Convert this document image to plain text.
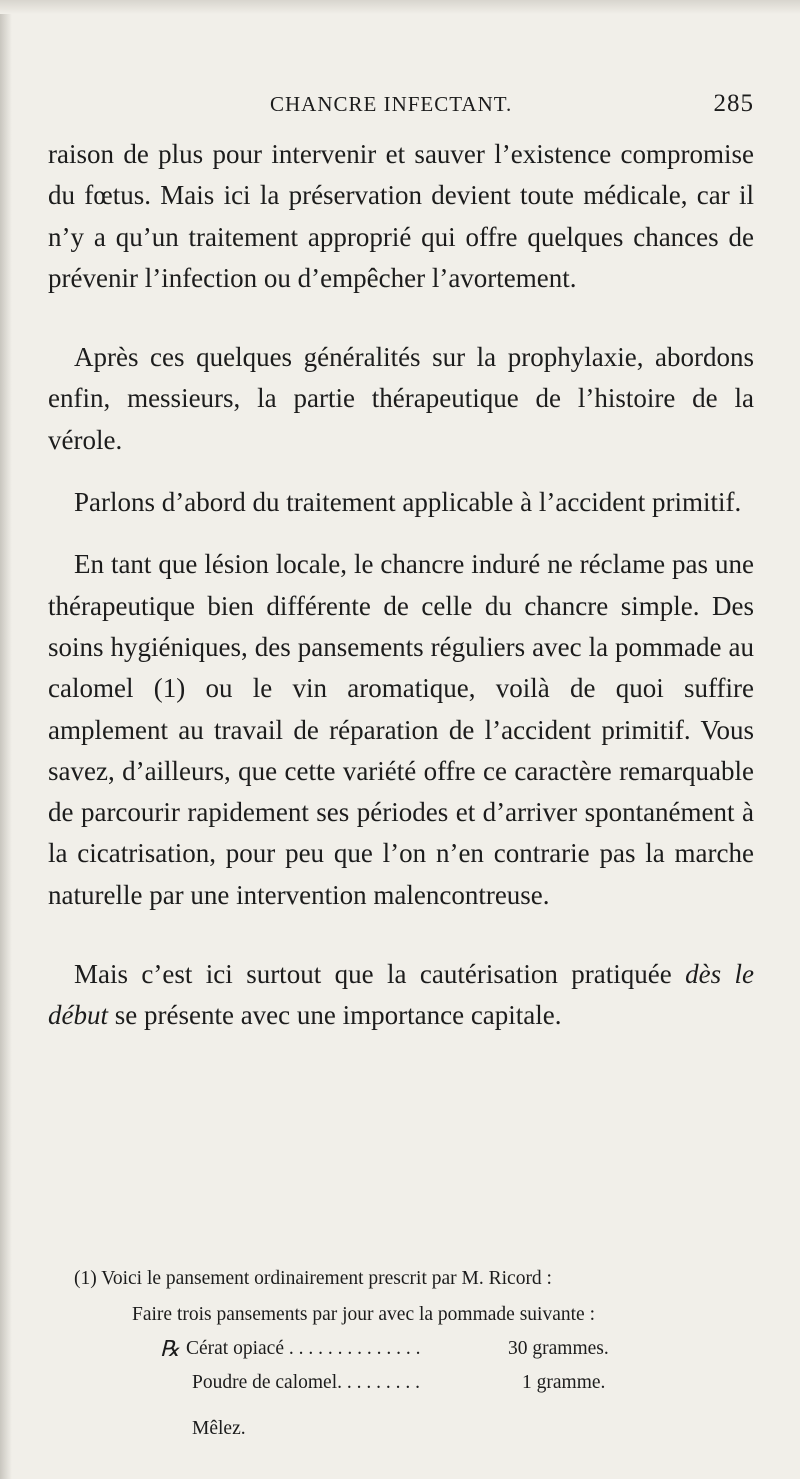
CHANCRE INFECTANT.	285

raison de plus pour intervenir et sauver l’existence compromise du fœtus. Mais ici la préservation devient toute médicale, car il n’y a qu’un traitement approprié qui offre quelques chances de prévenir l’infection ou d’empêcher l’avortement.

Après ces quelques généralités sur la prophylaxie, abordons enfin, messieurs, la partie thérapeutique de l’histoire de la vérole.

Parlons d’abord du traitement applicable à l’accident primitif.

En tant que lésion locale, le chancre induré ne réclame pas une thérapeutique bien différente de celle du chancre simple. Des soins hygiéniques, des pansements réguliers avec la pommade au calomel (1) ou le vin aromatique, voilà de quoi suffire amplement au travail de réparation de l’accident primitif. Vous savez, d’ailleurs, que cette variété offre ce caractère remarquable de parcourir rapidement ses périodes et d’arriver spontanément à la cicatrisation, pour peu que l’on n’en contrarie pas la marche naturelle par une intervention malencontreuse.

Mais c’est ici surtout que la cautérisation pratiquée dès le début se présente avec une importance capitale.

(1) Voici le pansement ordinairement prescrit par M. Ricord :

Faire trois pansements par jour avec la pommade suivante :

℞ Cérat opiacé . . . . . . . . . . . . . .	30 grammes.
Poudre de calomel. . . . . . . . .	1 gramme.

Mêlez.
